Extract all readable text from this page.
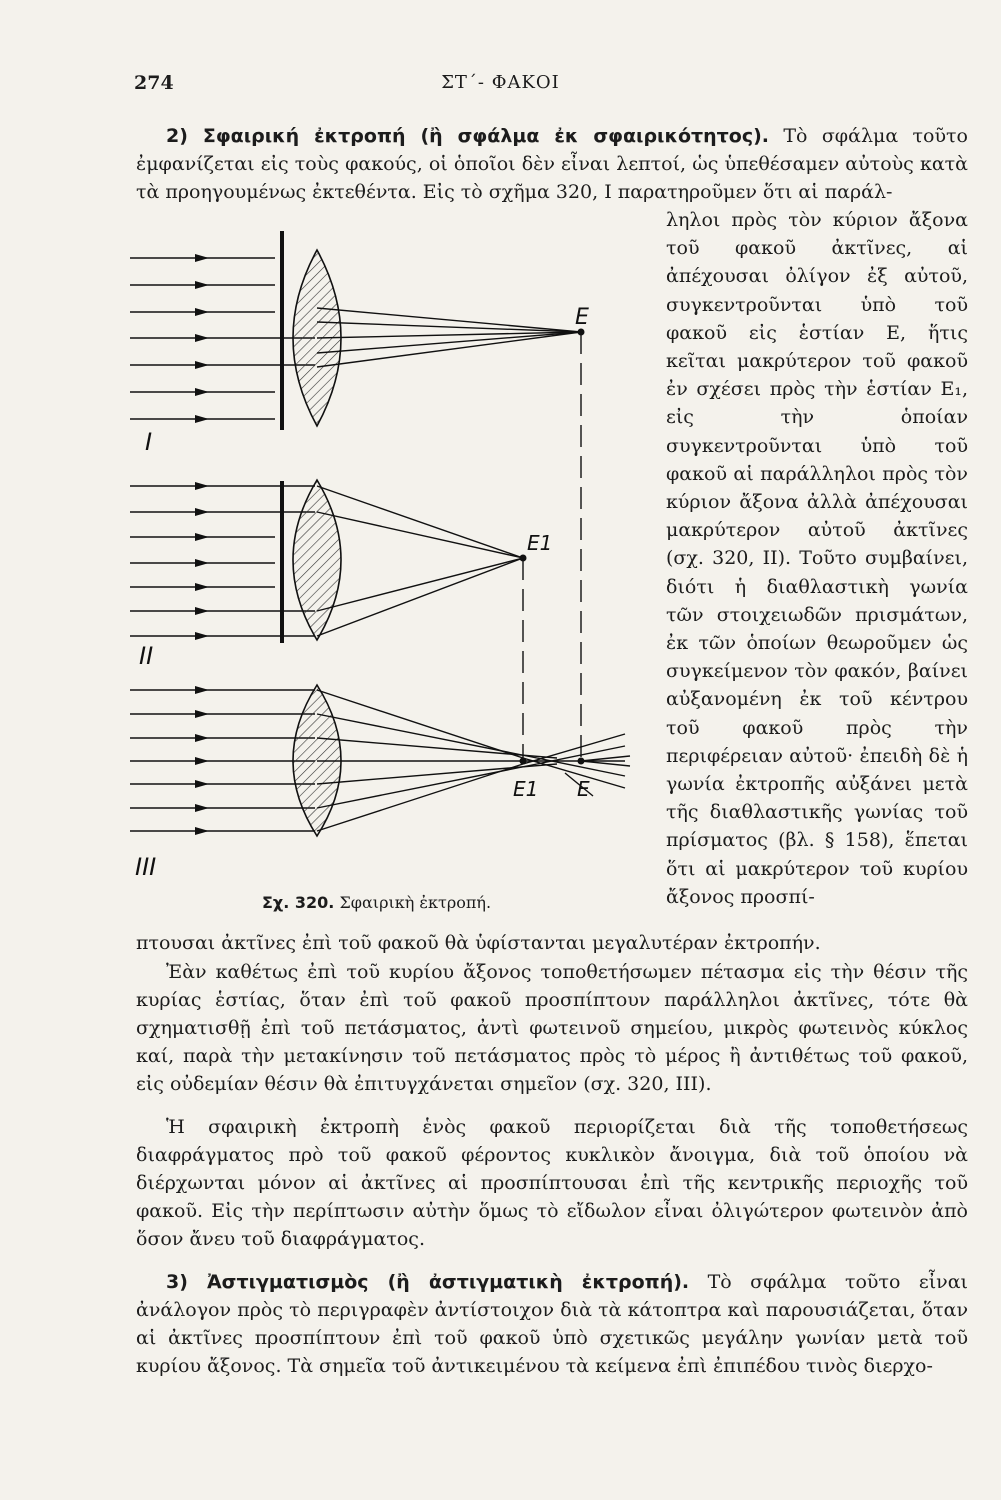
274	ΣΤ΄- ΦΑΚΟΙ
2) Σφαιρική ἐκτροπή (ἢ σφάλμα ἐκ σφαιρικότητος). Τὸ σφάλμα τοῦτο ἐμφανίζεται εἰς τοὺς φακούς, οἱ ὁποῖοι δὲν εἶναι λεπτοί, ὡς ὑπεθέσαμεν αὐτοὺς κατὰ τὰ προηγουμένως ἐκτεθέντα. Εἰς τὸ σχῆμα 320, I παρατηροῦμεν ὅτι αἱ παράλ-
ληλοι πρὸς τὸν κύριον ἄξονα τοῦ φακοῦ ἀκτῖνες, αἱ ἀπέχουσαι ὀλίγον ἐξ αὐτοῦ, συγκεντροῦνται ὑπὸ τοῦ φακοῦ εἰς ἑστίαν Ε, ἥτις κεῖται μακρύτερον τοῦ φακοῦ ἐν σχέσει πρὸς τὴν ἑστίαν Ε₁, εἰς τὴν ὁποίαν συγκεντροῦνται ὑπὸ τοῦ φακοῦ αἱ παράλληλοι πρὸς τὸν κύριον ἄξονα ἀλλὰ ἀπέχουσαι μακρύτερον αὐτοῦ ἀκτῖνες (σχ. 320, II). Τοῦτο συμβαίνει, διότι ἡ διαθλαστικὴ γωνία τῶν στοιχειωδῶν πρισμάτων, ἐκ τῶν ὁποίων θεωροῦμεν ὡς συγκείμενον τὸν φακόν, βαίνει αὐξανομένη ἐκ τοῦ κέντρου τοῦ φακοῦ πρὸς τὴν περιφέρειαν αὐτοῦ· ἐπειδὴ δὲ ἡ γωνία ἐκτροπῆς αὐξάνει μετὰ τῆς διαθλαστικῆς γωνίας τοῦ πρίσματος (βλ. § 158), ἕπεται ὅτι αἱ μακρύτερον τοῦ κυρίου ἄξονος προσπί-
E
E1
E1 E
I
II
III
Σχ. 320. Σφαιρικὴ ἐκτροπή.
πτουσαι ἀκτῖνες ἐπὶ τοῦ φακοῦ θὰ ὑφίστανται μεγαλυτέραν ἐκτροπήν.
Ἐὰν καθέτως ἐπὶ τοῦ κυρίου ἄξονος τοποθετήσωμεν πέτασμα εἰς τὴν θέσιν τῆς κυρίας ἑστίας, ὅταν ἐπὶ τοῦ φακοῦ προσπίπτουν παράλληλοι ἀκτῖνες, τότε θὰ σχηματισθῇ ἐπὶ τοῦ πετάσματος, ἀντὶ φωτεινοῦ σημείου, μικρὸς φωτεινὸς κύκλος καί, παρὰ τὴν μετακίνησιν τοῦ πετάσματος πρὸς τὸ μέρος ἢ ἀντιθέτως τοῦ φακοῦ, εἰς οὐδεμίαν θέσιν θὰ ἐπιτυγχάνεται σημεῖον (σχ. 320, III).
Ἡ σφαιρικὴ ἐκτροπὴ ἑνὸς φακοῦ περιορίζεται διὰ τῆς τοποθετήσεως διαφράγματος πρὸ τοῦ φακοῦ φέροντος κυκλικὸν ἄνοιγμα, διὰ τοῦ ὁποίου νὰ διέρχωνται μόνον αἱ ἀκτῖνες αἱ προσπίπτουσαι ἐπὶ τῆς κεντρικῆς περιοχῆς τοῦ φακοῦ. Εἰς τὴν περίπτωσιν αὐτὴν ὅμως τὸ εἴδωλον εἶναι ὀλιγώτερον φωτεινὸν ἀπὸ ὅσον ἄνευ τοῦ διαφράγματος.
3) Ἀστιγματισμὸς (ἢ ἀστιγματικὴ ἐκτροπή). Τὸ σφάλμα τοῦτο εἶναι ἀνάλογον πρὸς τὸ περιγραφὲν ἀντίστοιχον διὰ τὰ κάτοπτρα καὶ παρουσιάζεται, ὅταν αἱ ἀκτῖνες προσπίπτουν ἐπὶ τοῦ φακοῦ ὑπὸ σχετικῶς μεγάλην γωνίαν μετὰ τοῦ κυρίου ἄξονος. Τὰ σημεῖα τοῦ ἀντικειμένου τὰ κείμενα ἐπὶ ἐπιπέδου τινὸς διερχο-
